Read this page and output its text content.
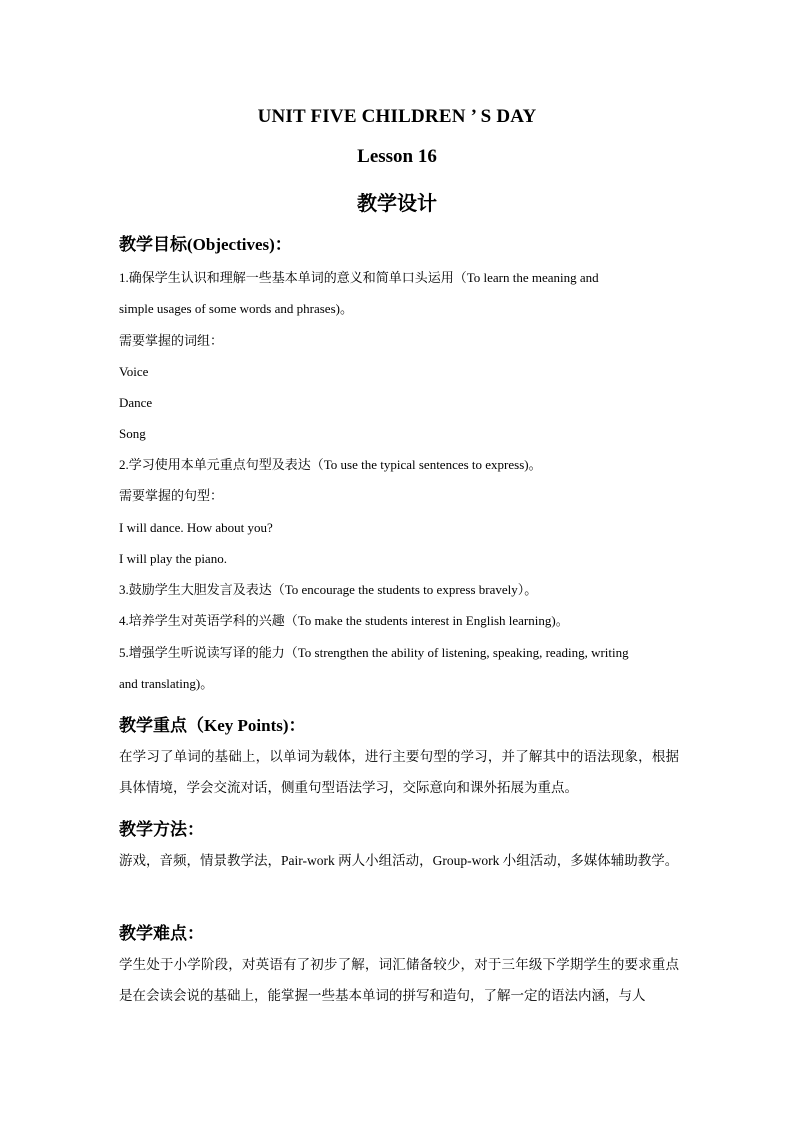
UNIT FIVE CHILDREN ’ S DAY
Lesson 16
教学设计
教学目标(Objectives)：

1.确保学生认识和理解一些基本单词的意义和简单口头运用（To learn the meaning and

simple usages of some words and phrases)。

需要掌握的词组：

Voice

Dance

Song

2.学习使用本单元重点句型及表达（To use the typical sentences to express)。

需要掌握的句型：

I will dance. How about you?

I will play the piano.

3.鼓励学生大胆发言及表达（To encourage the students to express bravely）。

4.培养学生对英语学科的兴趣（To make the students interest in English learning)。

5.增强学生听说读写译的能力（To strengthen the ability of listening, speaking, reading, writing

and translating)。

教学重点（Key Points)：

在学习了单词的基础上，以单词为载体，进行主要句型的学习，并了解其中的语法现象，根据具体情境，学会交流对话，侧重句型语法学习，交际意向和课外拓展为重点。

教学方法：

游戏，音频，情景教学法，Pair-work 两人小组活动，Group-work 小组活动，多媒体辅助教学。

教学难点：

学生处于小学阶段，对英语有了初步了解，词汇储备较少，对于三年级下学期学生的要求重点是在会读会说的基础上，能掌握一些基本单词的拼写和造句，了解一定的语法内涵，与人
